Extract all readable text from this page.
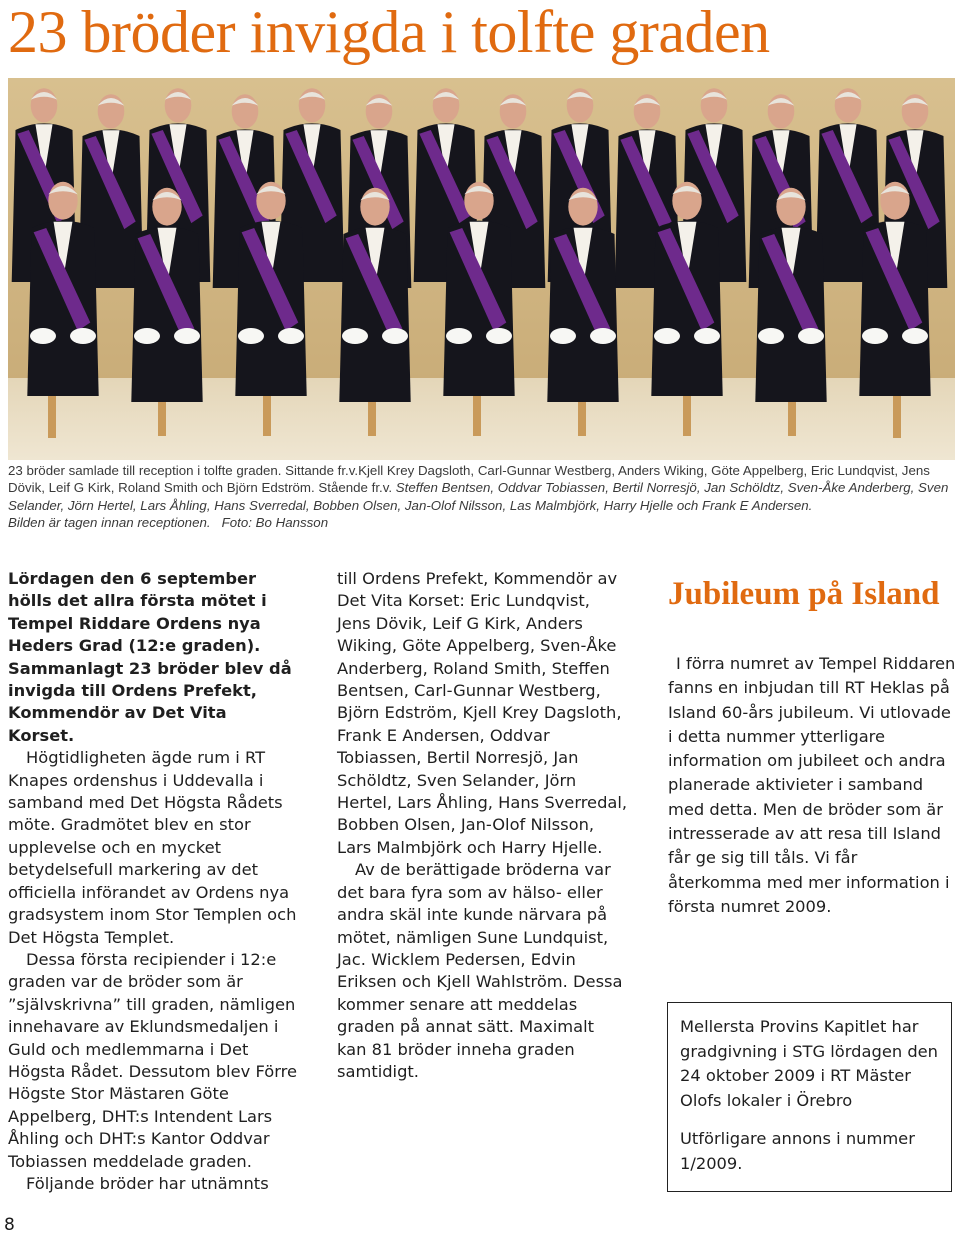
23 bröder invigda i tolfte graden

23 bröder samlade till reception i tolfte graden. Sittande fr.v.Kjell Krey Dagsloth, Carl-Gunnar Westberg, Anders Wiking, Göte Appelberg, Eric Lundqvist, Jens Dövik, Leif G Kirk, Roland Smith och Björn Edström. Stående fr.v. Steffen Bentsen, Oddvar Tobiassen, Bertil Norresjö, Jan Schöldtz, Sven-Åke Anderberg, Sven Selander, Jörn Hertel, Lars Åhling, Hans Sverredal, Bobben Olsen, Jan-Olof Nilsson, Las Malmbjörk, Harry Hjelle och Frank E Andersen.
Bilden är tagen innan receptionen. Foto: Bo Hansson

Lördagen den 6 september hölls det allra första mötet i Tempel Riddare Ordens nya Heders Grad (12:e graden). Sammanlagt 23 bröder blev då invigda till Ordens Prefekt, Kommendör av Det Vita Korset.

Högtidligheten ägde rum i RT Knapes ordenshus i Uddevalla i samband med Det Högsta Rådets möte. Gradmötet blev en stor upplevelse och en mycket betydelsefull markering av det officiella införandet av Ordens nya gradsystem inom Stor Templen och Det Högsta Templet.

Dessa första recipiender i 12:e graden var de bröder som är ”självskrivna” till graden, nämligen innehavare av Eklundsmedaljen i Guld och medlemmarna i Det Högsta Rådet. Dessutom blev Förre Högste Stor Mästaren Göte Appelberg, DHT:s Intendent Lars Åhling och DHT:s Kantor Oddvar Tobiassen meddelade graden.

Följande bröder har utnämnts

till Ordens Prefekt, Kommendör av Det Vita Korset: Eric Lundqvist, Jens Dövik, Leif G Kirk, Anders Wiking, Göte Appelberg, Sven-Åke Anderberg, Roland Smith, Steffen Bentsen, Carl-Gunnar Westberg, Björn Edström, Kjell Krey Dagsloth, Frank E Andersen, Oddvar Tobiassen, Bertil Norresjö, Jan Schöldtz, Sven Selander, Jörn Hertel, Lars Åhling, Hans Sverredal, Bobben Olsen, Jan-Olof Nilsson, Lars Malmbjörk och Harry Hjelle.

Av de berättigade bröderna var det bara fyra som av hälso- eller andra skäl inte kunde närvara på mötet, nämligen Sune Lundquist, Jac. Wicklem Pedersen, Edvin Eriksen och Kjell Wahlström. Dessa kommer senare att meddelas graden på annat sätt. Maximalt kan 81 bröder inneha graden samtidigt.

Jubileum på Island

I förra numret av Tempel Riddaren fanns en inbjudan till RT Heklas på Island 60-års jubileum. Vi utlovade i detta nummer ytterligare information om jubileet och andra planerade aktivieter i samband med detta. Men de bröder som är intresserade av att resa till Island får ge sig till tåls. Vi får återkomma med mer information i första numret 2009.

Mellersta Provins Kapitlet har gradgivning i STG lördagen den 24 oktober 2009 i RT Mäster Olofs lokaler i Örebro

Utförligare annons i nummer 1/2009.

8
